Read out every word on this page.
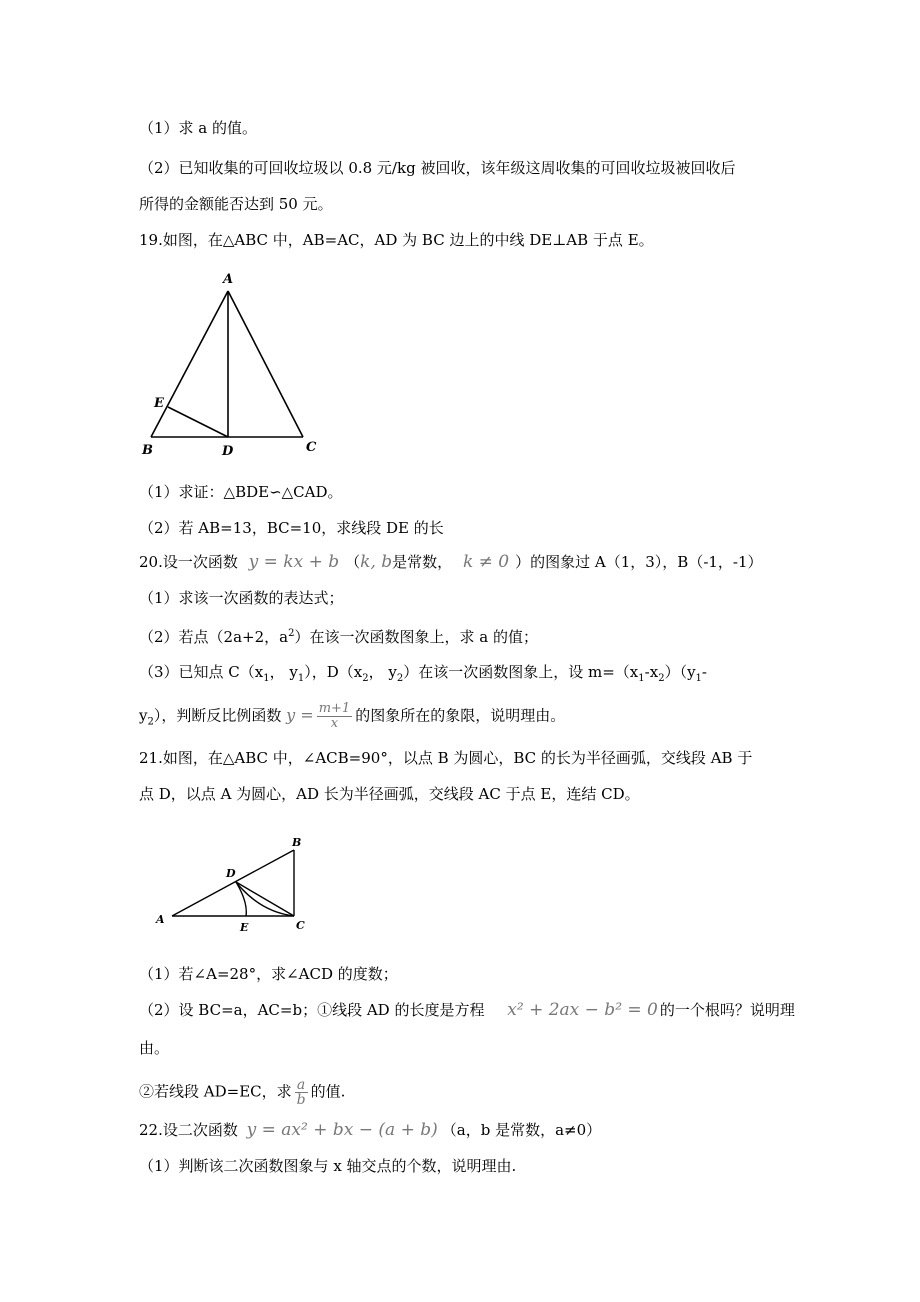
（1）求 a 的值。
（2）已知收集的可回收垃圾以 0.8 元/kg 被回收，该年级这周收集的可回收垃圾被回收后
所得的金额能否达到 50 元。
19.如图，在△ABC 中，AB=AC，AD 为 BC 边上的中线 DE⊥AB 于点 E。
A
B	C
D
E
（1）求证：△BDE∽△CAD。
（2）若 AB=13，BC=10，求线段 DE 的长
20.设一次函数 y = kx + b （k, b是常数， k ≠ 0 ）的图象过 A（1，3），B（-1，-1）
（1）求该一次函数的表达式；
（2）若点（2a+2，$a^2$）在该一次函数图象上，求 a 的值；
（3）已知点 $C(x_1$， $y_1$），$D(x_2$， $y_2$）在该一次函数图象上，设 $m=(x_1-x_2)(y_1-$
$y_2$），判断反比例函数 $y = \frac{m+1}{x}$ 的图象所在的象限，说明理由。
21.如图，在△ABC 中，∠ACB=90°，以点 B 为圆心，BC 的长为半径画弧，交线段 AB 于
点 D，以点 A 为圆心，AD 长为半径画弧，交线段 AC 于点 E，连结 CD。
A
B
C
D
E
（1）若∠A=28°，求∠ACD 的度数；
（2）设 BC=a，AC=b；①线段 AD 的长度是方程 x² + 2ax − b² = 0 的一个根吗？说明理
由。
②若线段 AD=EC，求 $\frac{a}{b}$ 的值.
22.设二次函数 y = ax² + bx − (a + b) （a，b 是常数，a≠0）
（1）判断该二次函数图象与 x 轴交点的个数，说明理由.
